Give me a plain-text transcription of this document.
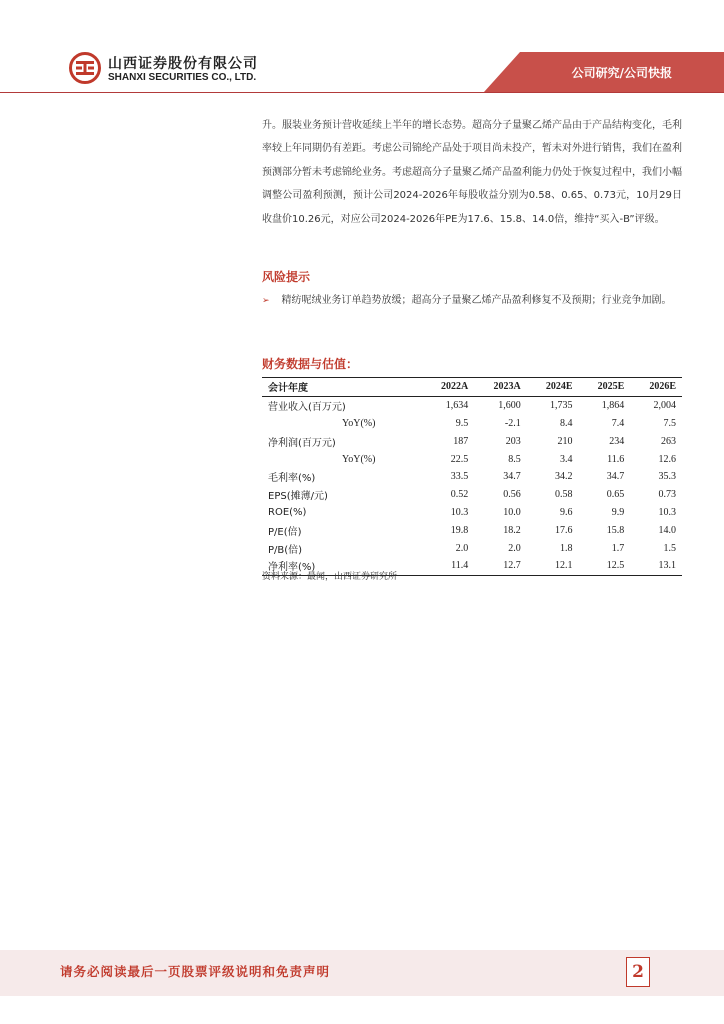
山西证券股份有限公司
SHANXI SECURITIES CO., LTD.	公司研究/公司快报
升。服装业务预计营收延续上半年的增长态势。超高分子量聚乙烯产品由于产品结构变化，毛利率较上年同期仍有差距。考虑公司锦纶产品处于项目尚未投产，暂未对外进行销售，我们在盈利预测部分暂未考虑锦纶业务。考虑超高分子量聚乙烯产品盈利能力仍处于恢复过程中，我们小幅调整公司盈利预测，预计公司2024-2026年每股收益分别为0.58、0.65、0.73元，10月29日收盘价10.26元，对应公司2024-2026年PE为17.6、15.8、14.0倍，维持“买入-B”评级。
风险提示
➢ 精纺呢绒业务订单趋势放缓；超高分子量聚乙烯产品盈利修复不及预期；行业竞争加剧。
财务数据与估值：
会计年度	2022A	2023A	2024E	2025E	2026E
营业收入(百万元)	1,634	1,600	1,735	1,864	2,004
YoY(%)	9.5	-2.1	8.4	7.4	7.5
净利润(百万元)	187	203	210	234	263
YoY(%)	22.5	8.5	3.4	11.6	12.6
毛利率(%)	33.5	34.7	34.2	34.7	35.3
EPS(摊薄/元)	0.52	0.56	0.58	0.65	0.73
ROE(%)	10.3	10.0	9.6	9.9	10.3
P/E(倍)	19.8	18.2	17.6	15.8	14.0
P/B(倍)	2.0	2.0	1.8	1.7	1.5
净利率(%)	11.4	12.7	12.1	12.5	13.1
资料来源：最闻，山西证券研究所
请务必阅读最后一页股票评级说明和免责声明	2
